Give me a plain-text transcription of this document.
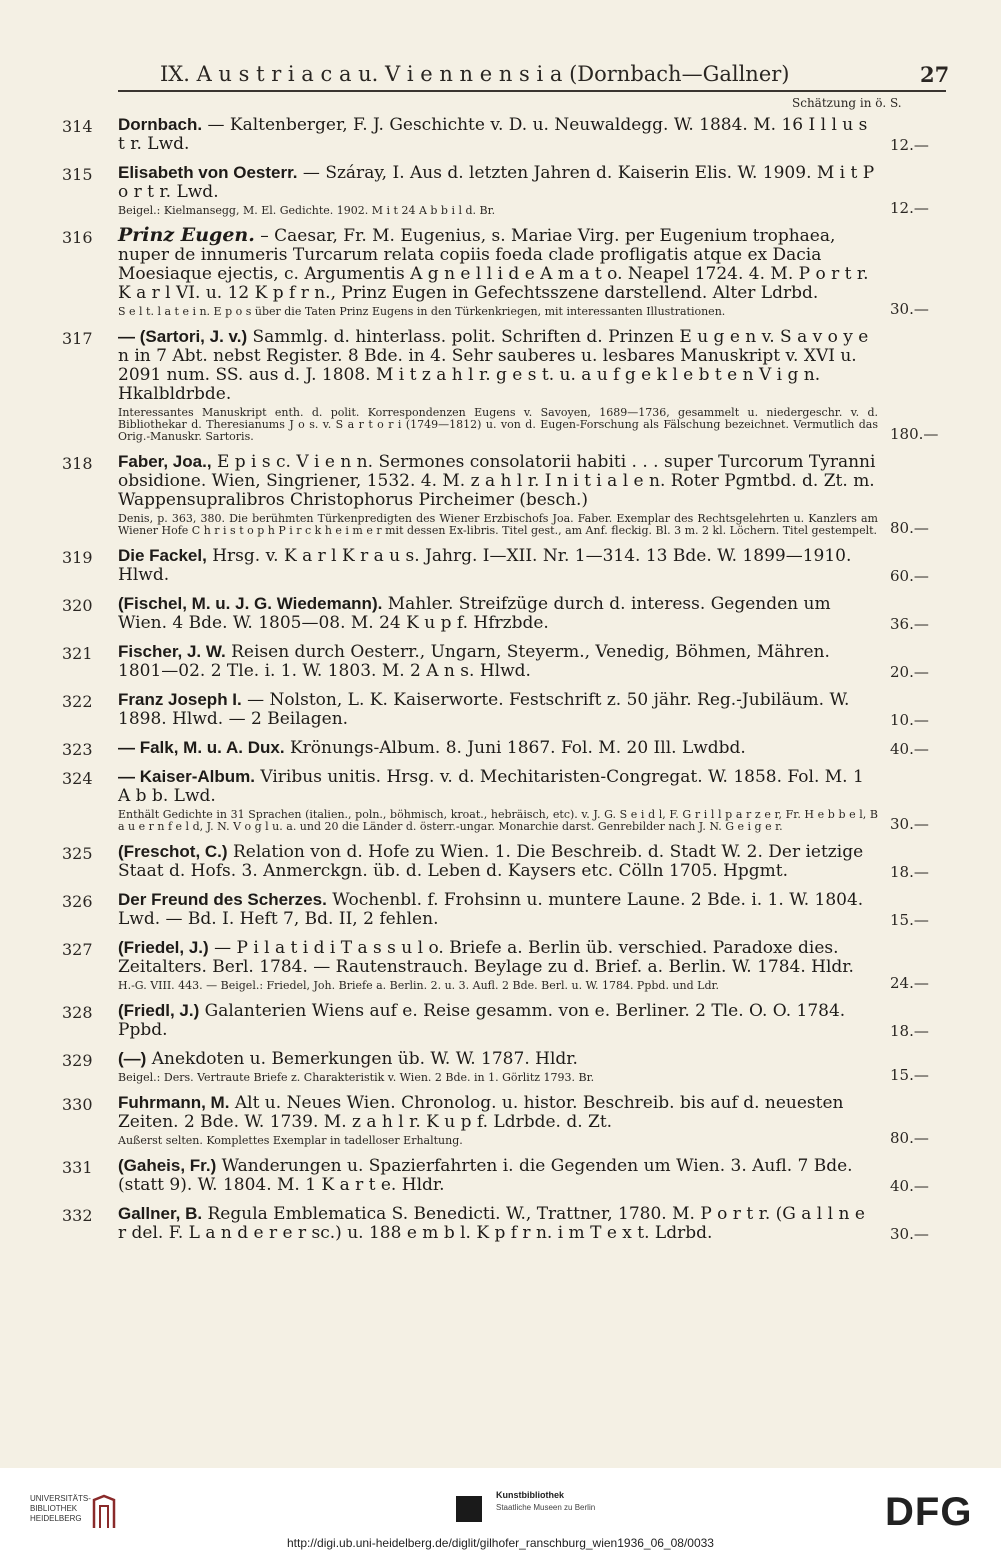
IX. A u s t r i a c a u. V i e n n e n s i a (Dornbach—Gallner)	27
Schätzung in ö. S.
314 Dornbach. — Kaltenberger, F. J. Geschichte v. D. u. Neuwaldegg. W. 1884. M. 16 I l l u s t r. Lwd.	12.—
315 Elisabeth von Oesterr. — Száray, I. Aus d. letzten Jahren d. Kaiserin Elis. W. 1909. M i t P o r t r. Lwd.
Beigel.: Kielmansegg, M. El. Gedichte. 1902. M i t 24 A b b i l d. Br.	12.—
316 Prinz Eugen. – Caesar, Fr. M. Eugenius, s. Mariae Virg. per Eugenium trophaea, nuper de innumeris Turcarum relata copiis foeda clade profligatis atque ex Dacia Moesiaque ejectis, c. Argumentis A g n e l l i d e A m a t o. Neapel 1724. 4. M. P o r t r. K a r l VI. u. 12 K p f r n., Prinz Eugen in Gefechtsszene darstellend. Alter Ldrbd.
S e l t. l a t e i n. E p o s über die Taten Prinz Eugens in den Türkenkriegen, mit interessanten Illustrationen.	30.—
317 — (Sartori, J. v.) Sammlg. d. hinterlass. polit. Schriften d. Prinzen E u g e n v. S a v o y e n in 7 Abt. nebst Register. 8 Bde. in 4. Sehr sauberes u. lesbares Manuskript v. XVI u. 2091 num. SS. aus d. J. 1808. M i t z a h l r. g e s t. u. a u f g e k l e b t e n V i g n. Hkalbldrbde.
Interessantes Manuskript enth. d. polit. Korrespondenzen Eugens v. Savoyen, 1689—1736, gesammelt u. niedergeschr. v. d. Bibliothekar d. Theresianums J o s. v. S a r t o r i (1749—1812) u. von d. Eugen-Forschung als Fälschung bezeichnet. Vermutlich das Orig.-Manuskr. Sartoris.	180.—
318 Faber, Joa., E p i s c. V i e n n. Sermones consolatorii habiti . . . super Turcorum Tyranni obsidione. Wien, Singriener, 1532. 4. M. z a h l r. I n i t i a l e n. Roter Pgmtbd. d. Zt. m. Wappensupralibros Christophorus Pircheimer (besch.)
Denis, p. 363, 380. Die berühmten Türkenpredigten des Wiener Erzbischofs Joa. Faber. Exemplar des Rechtsgelehrten u. Kanzlers am Wiener Hofe C h r i s t o p h P i r c k h e i m e r mit dessen Ex-libris. Titel gest., am Anf. fleckig. Bl. 3 m. 2 kl. Löchern. Titel gestempelt. 80.—
319 Die Fackel, Hrsg. v. K a r l K r a u s. Jahrg. I—XII. Nr. 1—314. 13 Bde. W. 1899—1910. Hlwd.	60.—
320 (Fischel, M. u. J. G. Wiedemann). Mahler. Streifzüge durch d. interess. Gegenden um Wien. 4 Bde. W. 1805—08. M. 24 K u p f. Hfrzbde.	36.—
321 Fischer, J. W. Reisen durch Oesterr., Ungarn, Steyerm., Venedig, Böhmen, Mähren. 1801—02. 2 Tle. i. 1. W. 1803. M. 2 A n s. Hlwd.	20.—
322 Franz Joseph I. — Nolston, L. K. Kaiserworte. Festschrift z. 50 jähr. Reg.-Jubiläum. W. 1898. Hlwd. — 2 Beilagen.	10.—
323 — Falk, M. u. A. Dux. Krönungs-Album. 8. Juni 1867. Fol. M. 20 Ill. Lwdbd.	40.—
324 — Kaiser-Album. Viribus unitis. Hrsg. v. d. Mechitaristen-Congregat. W. 1858. Fol. M. 1 A b b. Lwd.
Enthält Gedichte in 31 Sprachen (italien., poln., böhmisch, kroat., hebräisch, etc). v. J. G. S e i d l, F. G r i l l p a r z e r, Fr. H e b b e l, B a u e r n f e l d, J. N. V o g l u. a. und 20 die Länder d. österr.-ungar. Monarchie darst. Genrebilder nach J. N. G e i g e r.	30.—
325 (Freschot, C.) Relation von d. Hofe zu Wien. 1. Die Beschreib. d. Stadt W. 2. Der ietzige Staat d. Hofs. 3. Anmerckgn. üb. d. Leben d. Kaysers etc. Cölln 1705. Hpgmt.	18.—
326 Der Freund des Scherzes. Wochenbl. f. Frohsinn u. muntere Laune. 2 Bde. i. 1. W. 1804. Lwd. — Bd. I. Heft 7, Bd. II, 2 fehlen.	15.—
327 (Friedel, J.) — P i l a t i d i T a s s u l o. Briefe a. Berlin üb. verschied. Paradoxe dies. Zeitalters. Berl. 1784. — Rautenstrauch. Beylage zu d. Brief. a. Berlin. W. 1784. Hldr.
H.-G. VIII. 443. — Beigel.: Friedel, Joh. Briefe a. Berlin. 2. u. 3. Aufl. 2 Bde. Berl. u. W. 1784. Ppbd. und Ldr.	24.—
328 (Friedl, J.) Galanterien Wiens auf e. Reise gesamm. von e. Berliner. 2 Tle. O. O. 1784. Ppbd.	18.—
329 (—) Anekdoten u. Bemerkungen üb. W. W. 1787. Hldr.
Beigel.: Ders. Vertraute Briefe z. Charakteristik v. Wien. 2 Bde. in 1. Görlitz 1793. Br.	15.—
330 Fuhrmann, M. Alt u. Neues Wien. Chronolog. u. histor. Beschreib. bis auf d. neuesten Zeiten. 2 Bde. W. 1739. M. z a h l r. K u p f. Ldrbde. d. Zt.
Außerst selten. Komplettes Exemplar in tadelloser Erhaltung.	80.—
331 (Gaheis, Fr.) Wanderungen u. Spazierfahrten i. die Gegenden um Wien. 3. Aufl. 7 Bde. (statt 9). W. 1804. M. 1 K a r t e. Hldr.	40.—
332 Gallner, B. Regula Emblematica S. Benedicti. W., Trattner, 1780. M. P o r t r. (G a l l n e r del. F. L a n d e r e r sc.) u. 188 e m b l. K p f r n. i m T e x t. Ldrbd.	30.—
UNIVERSITÄTS-
BIBLIOTHEK
HEIDELBERG
Kunstbibliothek
Staatliche Museen zu Berlin	DFG
http://digi.ub.uni-heidelberg.de/diglit/gilhofer_ranschburg_wien1936_06_08/0033
